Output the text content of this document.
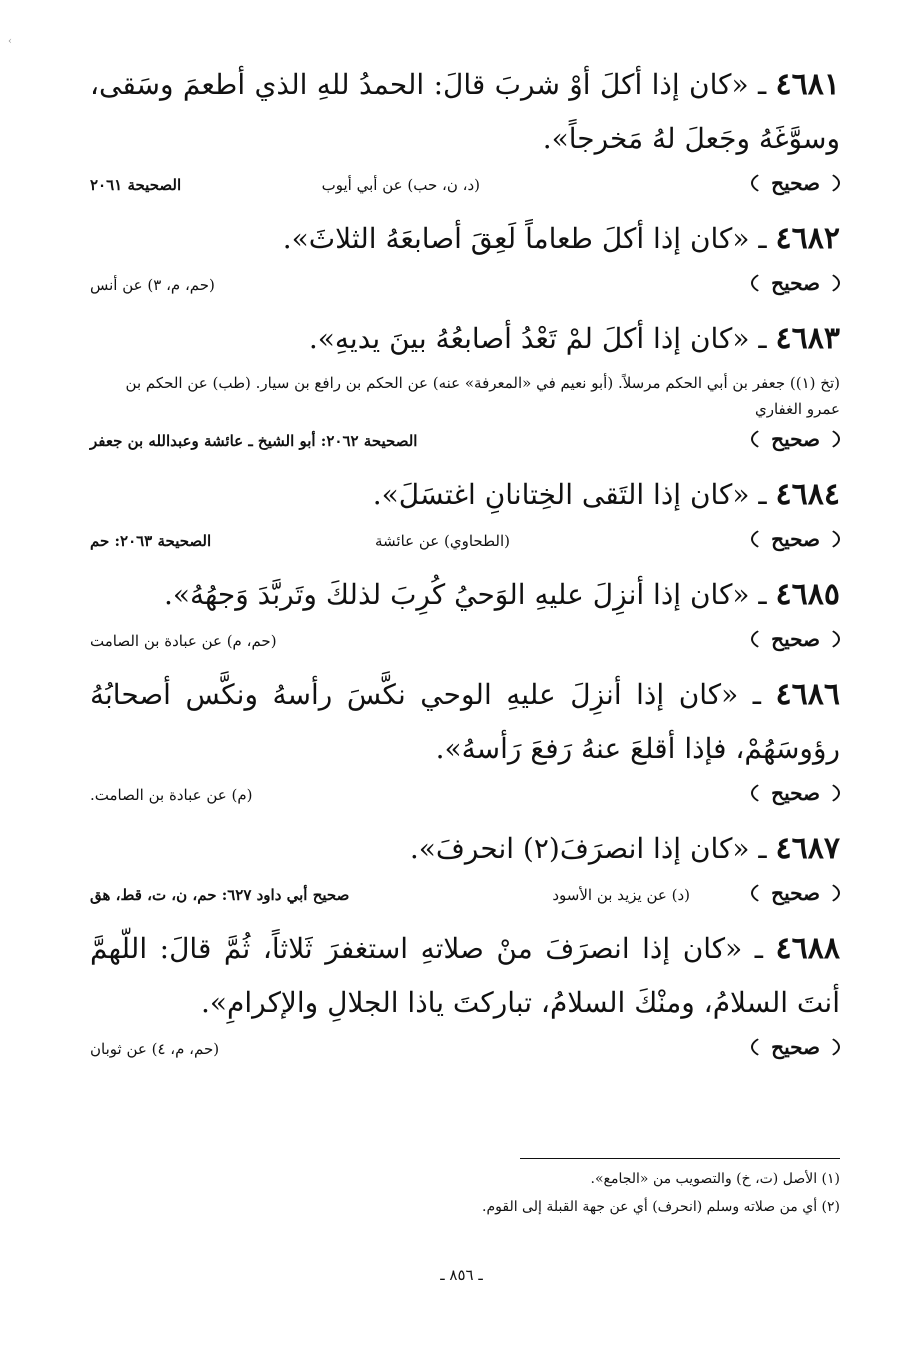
‹

٤٦٨١ ـ «كان إذا أكلَ أوْ شربَ قالَ: الحمدُ للهِ الذي أطعمَ وسَقى، وسوَّغَهُ وجَعلَ لهُ مَخرجاً».

صحيح
(د، ن، حب) عن أبي أيوب
الصحيحة ٢٠٦١

٤٦٨٢ ـ «كان إذا أكلَ طعاماً لَعِقَ أصابعَهُ الثلاثَ».

صحيح
(حم، م، ٣) عن أنس

٤٦٨٣ ـ «كان إذا أكلَ لمْ تَعْدُ أصابعُهُ بينَ يديهِ».

(تخ (١)) جعفر بن أبي الحكم مرسلاً. (أبو نعيم في «المعرفة» عنه) عن الحكم بن رافع بن سيار. (طب) عن الحكم بن عمرو الغفاري

صحيح
الصحيحة ٢٠٦٢: أبو الشيخ ـ عائشة وعبدالله بن جعفر

٤٦٨٤ ـ «كان إذا التَقى الخِتانانِ اغتسَلَ».

صحيح
(الطحاوي) عن عائشة
الصحيحة ٢٠٦٣: حم

٤٦٨٥ ـ «كان إذا أنزِلَ عليهِ الوَحيُ كُرِبَ لذلكَ وتَربَّدَ وَجهُهُ».

صحيح
(حم، م) عن عبادة بن الصامت

٤٦٨٦ ـ «كان إذا أنزِلَ عليهِ الوحي نكَّسَ رأسهُ ونكَّس أصحابُهُ رؤوسَهُمْ، فإذا أقلعَ عنهُ رَفعَ رَأسهُ».

صحيح
(م) عن عبادة بن الصامت.

٤٦٨٧ ـ «كان إذا انصرَفَ(٢) انحرفَ».

صحيح
(د) عن يزيد بن الأسود
صحيح أبي داود ٦٢٧: حم، ن، ت، قط، هق

٤٦٨٨ ـ «كان إذا انصرَفَ منْ صلاتهِ استغفرَ ثَلاثاً، ثُمَّ قالَ: اللّهمَّ أنتَ السلامُ، ومنْكَ السلامُ، تباركتَ ياذا الجلالِ والإكرامِ».

صحيح
(حم، م، ٤) عن ثوبان
(١) الأصل (ت، خ) والتصويب من «الجامع».
(٢) أي من صلاته وسلم (انحرف) أي عن جهة القبلة إلى القوم.
ـ ٨٥٦ ـ
